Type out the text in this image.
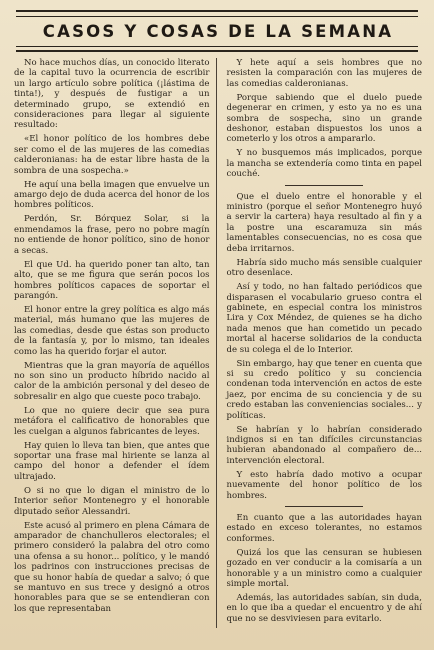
CASOS Y COSAS DE LA SEMANA

No hace muchos días, un conocido literato de la capital tuvo la ocurrencia de escribir un largo artículo sobre política (¡lástima de tinta!), y después de fustigar a un determinado grupo, se extendió en consideraciones para llegar al siguiente resultado:

«El honor político de los hombres debe ser como el de las mujeres de las comedias calderonianas: ha de estar libre hasta de la sombra de una sospecha.»

He aquí una bella imagen que envuelve un amargo dejo de duda acerca del honor de los hombres políticos.

Perdón, Sr. Bórquez Solar, si la enmendamos la frase, pero no pobre magín no entiende de honor político, sino de honor a secas.

El que Ud. ha querido poner tan alto, tan alto, que se me figura que serán pocos los hombres políticos capaces de soportar el parangón.

El honor entre la grey política es algo más material, más humano que las mujeres de las comedias, desde que éstas son producto de la fantasía y, por lo mismo, tan ideales como las ha querido forjar el autor.

Mientras que la gran mayoría de aquéllos no son sino un producto híbrido nacido al calor de la ambición personal y del deseo de sobresalir en algo que cueste poco trabajo.

Lo que no quiere decir que sea pura metáfora el calificativo de honorables que les cuelgan a algunos fabricantes de leyes.

Hay quien lo lleva tan bien, que antes que soportar una frase mal hiriente se lanza al campo del honor a defender el ídem ultrajado.

O si no que lo digan el ministro de lo Interior señor Montenegro y el honorable diputado señor Alessandri.

Este acusó al primero en plena Cámara de amparador de chanchulleros electorales; el primero consideró la palabra del otro como una ofensa a su honor... político, y le mandó los padrinos con instrucciones precisas de que su honor había de quedar a salvo; ó que se mantuvo en sus trece y designó a otros honorables para que se se entendieran con los que representaban

Y hete aquí a seis hombres que no resisten la comparación con las mujeres de las comedias calderonianas.

Porque sabiendo que el duelo puede degenerar en crimen, y esto ya no es una sombra de sospecha, sino un grande deshonor, estaban dispuestos los unos a cometerlo y los otros a ampararlo.

Y no busquemos más implicados, porque la mancha se extendería como tinta en papel couché.

Que el duelo entre el honorable y el ministro (porque el señor Montenegro huyó a servir la cartera) haya resultado al fin y a la postre una escaramuza sin más lamentables consecuencias, no es cosa que deba irritarnos.

Habría sido mucho más sensible cualquier otro desenlace.

Así y todo, no han faltado periódicos que disparasen el vocabulario grueso contra el gabinete, en especial contra los ministros Lira y Cox Méndez, de quienes se ha dicho nada menos que han cometido un pecado mortal al hacerse solidarios de la conducta de su colega el de lo Interior.

Sin embargo, hay que tener en cuenta que si su credo político y su conciencia condenan toda intervención en actos de este jaez, por encima de su conciencia y de su credo estaban las conveniencias sociales... y políticas.

Se habrían y lo habrían considerado indignos si en tan difíciles circunstancias hubieran abandonado al compañero de... intervención electoral.

Y esto habría dado motivo a ocupar nuevamente del honor político de los hombres.

En cuanto que a las autoridades hayan estado en exceso tolerantes, no estamos conformes.

Quizá los que las censuran se hubiesen gozado en ver conducir a la comisaría a un honorable y a un ministro como a cualquier simple mortal.

Además, las autoridades sabían, sin duda, en lo que iba a quedar el encuentro y de ahí que no se desviviesen para evitarlo.
